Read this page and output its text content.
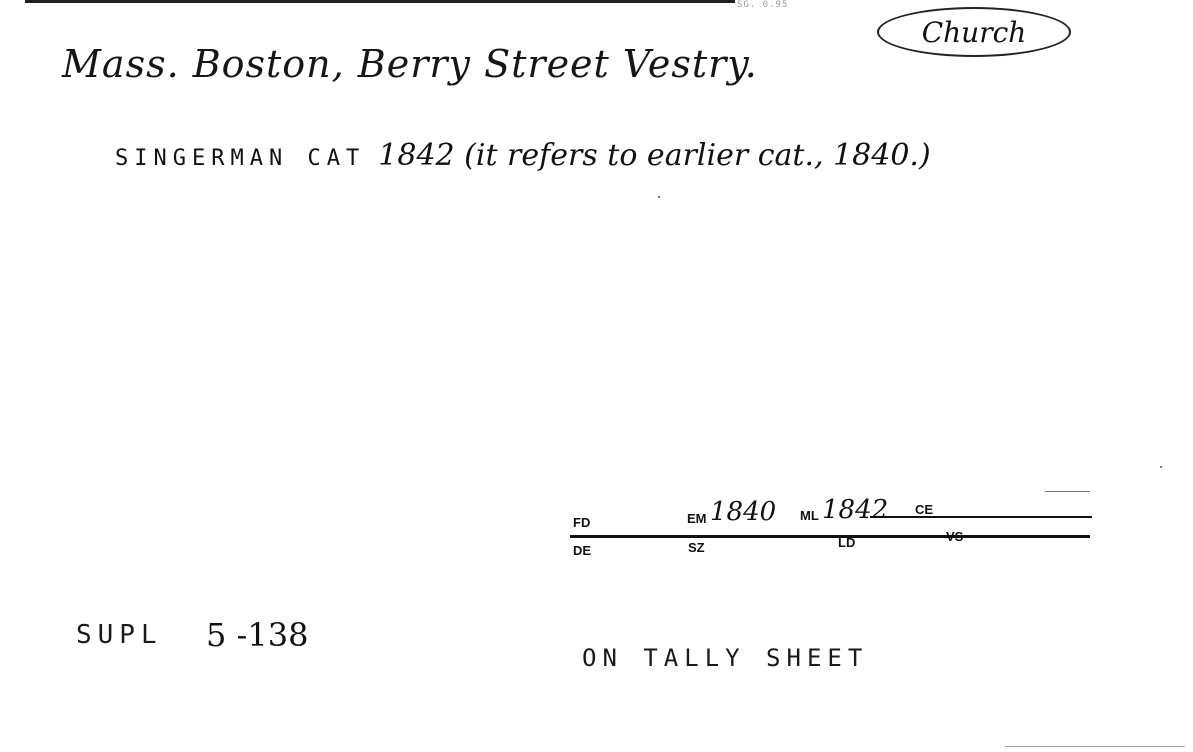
SG. 0.95
Mass. Boston, Berry Street Vestry.
Church
SINGERMAN CAT 1842 (it refers to earlier cat., 1840.)
FD	EM 1840 ML 1842 CE
DE	SZ	LD	VS
SUPL 5 -138
ON TALLY SHEET
